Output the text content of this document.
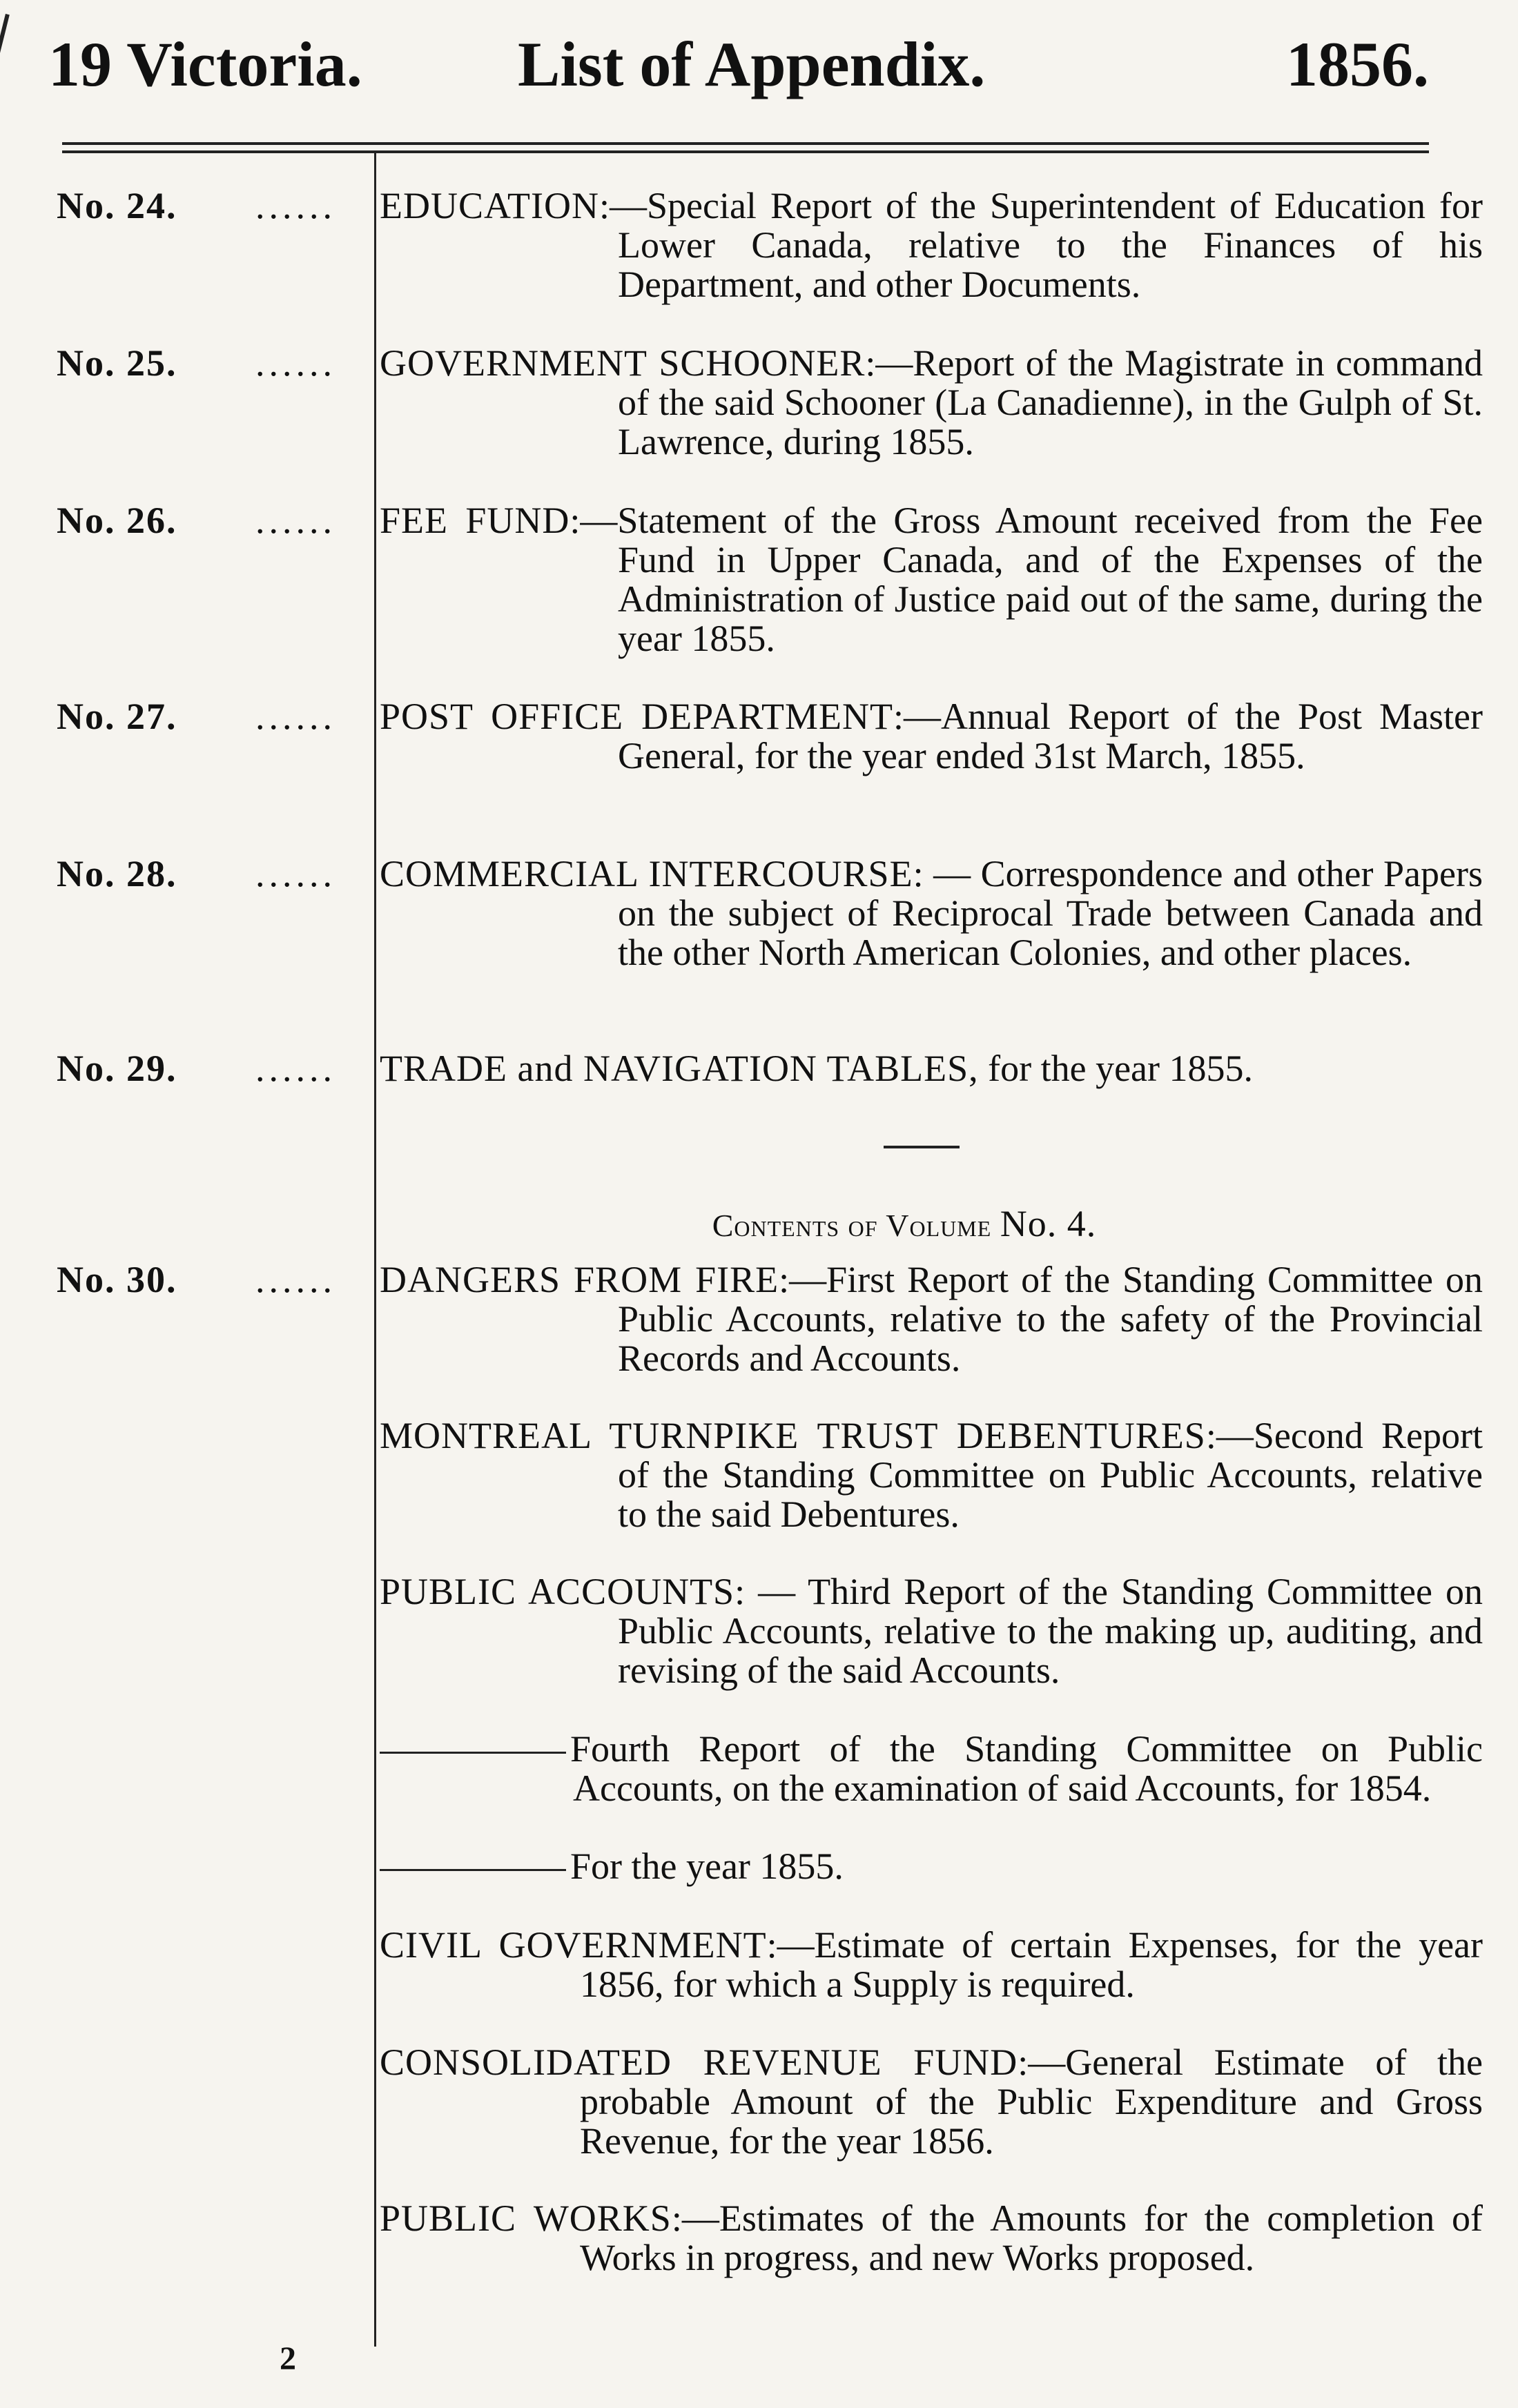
19 Victoria. List of Appendix.	1856.
No. 24. ......	EDUCATION:—Special Report of the Superintendent of Education for Lower Canada, relative to the Finances of his Department, and other Documents.
No. 25. ......	GOVERNMENT SCHOONER:—Report of the Magistrate in command of the said Schooner (La Canadienne), in the Gulph of St. Lawrence, during 1855.
No. 26. ......	FEE FUND:—Statement of the Gross Amount received from the Fee Fund in Upper Canada, and of the Expenses of the Administration of Justice paid out of the same, during the year 1855.
No. 27. ......	POST OFFICE DEPARTMENT:—Annual Report of the Post Master General, for the year ended 31st March, 1855.
No. 28. ......	COMMERCIAL INTERCOURSE: — Correspondence and other Papers on the subject of Reciprocal Trade between Canada and the other North American Colonies, and other places.
No. 29. ......	TRADE and NAVIGATION TABLES, for the year 1855.
Contents of Volume No. 4.
No. 30. ......	DANGERS FROM FIRE:—First Report of the Standing Committee on Public Accounts, relative to the safety of the Provincial Records and Accounts.
MONTREAL TURNPIKE TRUST DEBENTURES:—Second Report of the Standing Committee on Public Accounts, relative to the said Debentures.
PUBLIC ACCOUNTS: — Third Report of the Standing Committee on Public Accounts, relative to the making up, auditing, and revising of the said Accounts.
Fourth Report of the Standing Committee on Public Accounts, on the examination of said Accounts, for 1854.
For the year 1855.
CIVIL GOVERNMENT:—Estimate of certain Expenses, for the year 1856, for which a Supply is required.
CONSOLIDATED REVENUE FUND:—General Estimate of the probable Amount of the Public Expenditure and Gross Revenue, for the year 1856.
PUBLIC WORKS:—Estimates of the Amounts for the completion of Works in progress, and new Works proposed.
2
